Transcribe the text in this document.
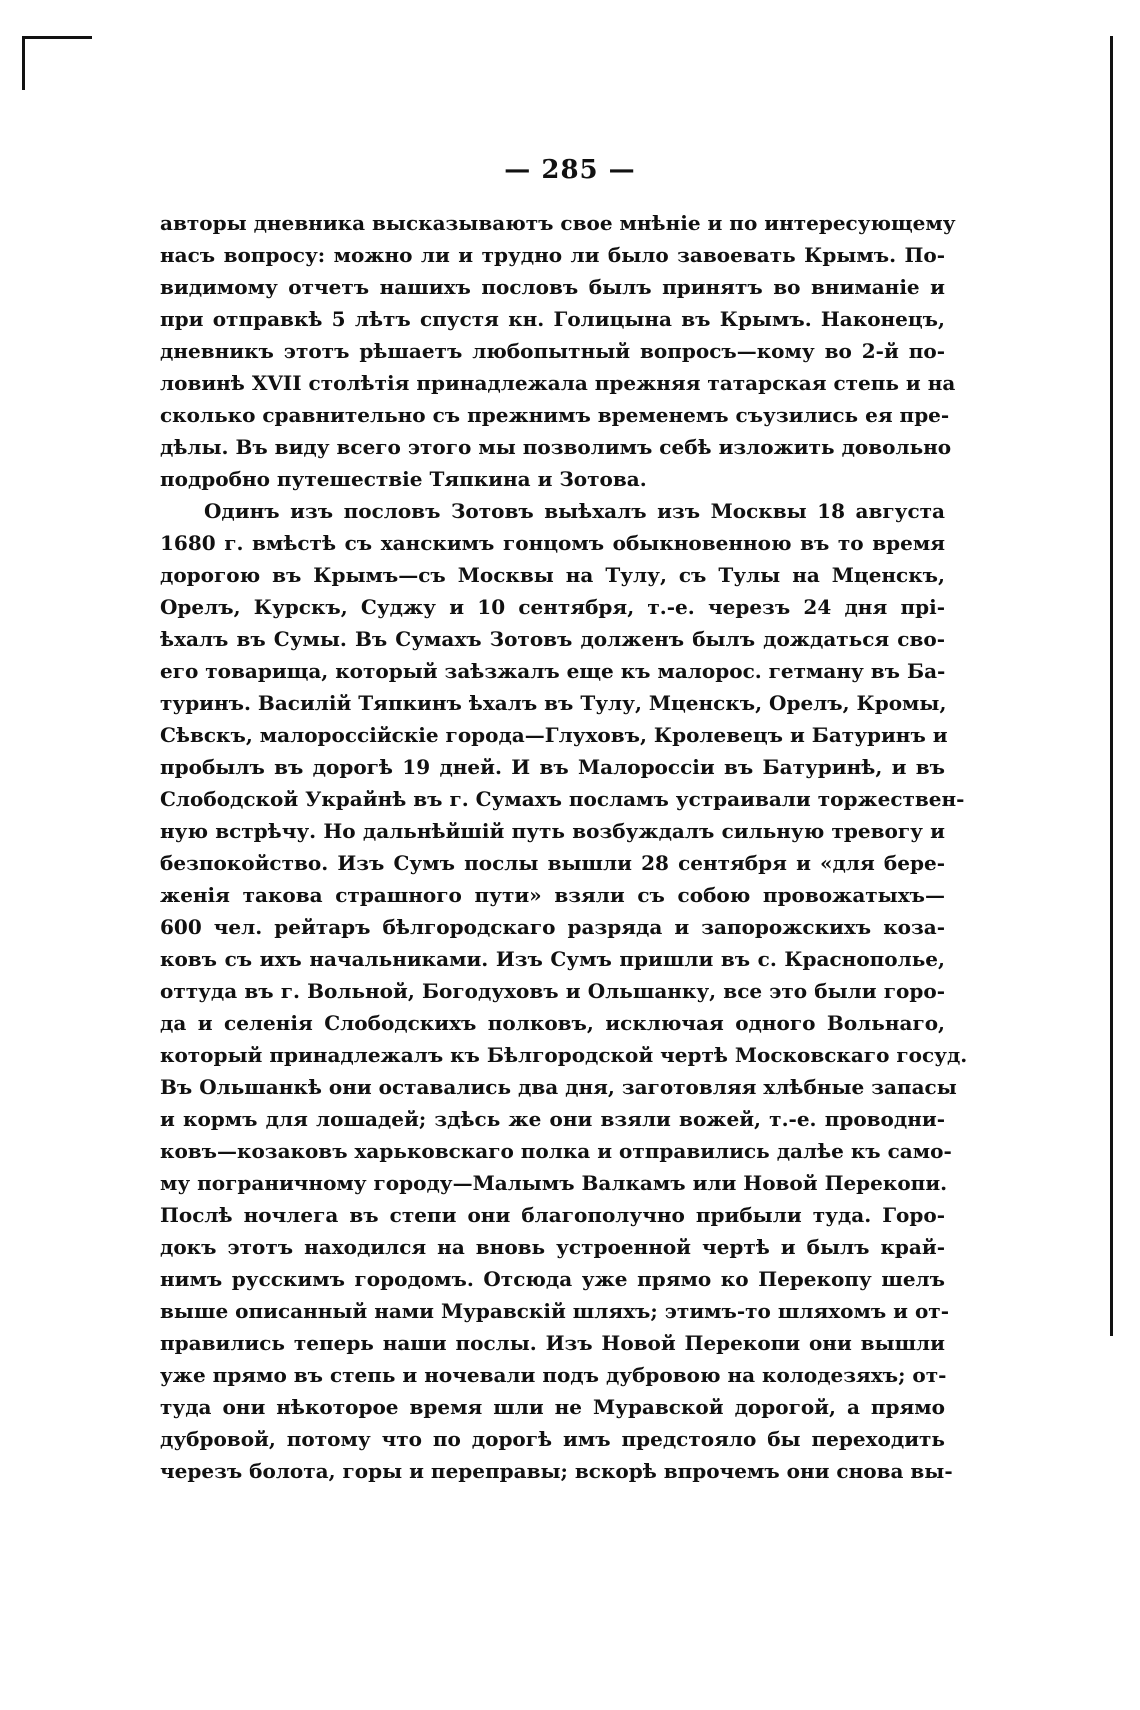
— 285 —
авторы дневника высказываютъ свое мнѣніе и по интересующему
насъ вопросу: можно ли и трудно ли было завоевать Крымъ. По-
видимому отчетъ нашихъ пословъ былъ принятъ во вниманіе и
при отправкѣ 5 лѣтъ спустя кн. Голицына въ Крымъ. Наконецъ,
дневникъ этотъ рѣшаетъ любопытный вопросъ—кому во 2-й по-
ловинѣ XVII столѣтія принадлежала прежняя татарская степь и на
сколько сравнительно съ прежнимъ временемъ съузились ея пре-
дѣлы. Въ виду всего этого мы позволимъ себѣ изложить довольно
подробно путешествіе Тяпкина и Зотова.
Одинъ изъ пословъ Зотовъ выѣхалъ изъ Москвы 18 августа
1680 г. вмѣстѣ съ ханскимъ гонцомъ обыкновенною въ то время
дорогою въ Крымъ—съ Москвы на Тулу, съ Тулы на Мценскъ,
Орелъ, Курскъ, Суджу и 10 сентября, т.-е. черезъ 24 дня прі-
ѣхалъ въ Сумы. Въ Сумахъ Зотовъ долженъ былъ дождаться сво-
его товарища, который заѣзжалъ еще къ малорос. гетману въ Ба-
туринъ. Василій Тяпкинъ ѣхалъ въ Тулу, Мценскъ, Орелъ, Кромы,
Сѣвскъ, малороссійскіе города—Глуховъ, Кролевецъ и Батуринъ и
пробылъ въ дорогѣ 19 дней. И въ Малороссіи въ Батуринѣ, и въ
Слободской Украйнѣ въ г. Сумахъ посламъ устраивали торжествен-
ную встрѣчу. Но дальнѣйшій путь возбуждалъ сильную тревогу и
безпокойство. Изъ Сумъ послы вышли 28 сентября и «для бере-
женія такова страшного пути» взяли съ собою провожатыхъ—
600 чел. рейтаръ бѣлгородскаго разряда и запорожскихъ коза-
ковъ съ ихъ начальниками. Изъ Сумъ пришли въ с. Краснополье,
оттуда въ г. Вольной, Богодуховъ и Ольшанку, все это были горо-
да и селенія Слободскихъ полковъ, исключая одного Вольнаго,
который принадлежалъ къ Бѣлгородской чертѣ Московскаго госуд.
Въ Ольшанкѣ они оставались два дня, заготовляя хлѣбные запасы
и кормъ для лошадей; здѣсь же они взяли вожей, т.-е. проводни-
ковъ—козаковъ харьковскаго полка и отправились далѣе къ само-
му пограничному городу—Малымъ Валкамъ или Новой Перекопи.
Послѣ ночлега въ степи они благополучно прибыли туда. Горо-
докъ этотъ находился на вновь устроенной чертѣ и былъ край-
нимъ русскимъ городомъ. Отсюда уже прямо ко Перекопу шелъ
выше описанный нами Муравскій шляхъ; этимъ-то шляхомъ и от-
правились теперь наши послы. Изъ Новой Перекопи они вышли
уже прямо въ степь и ночевали подъ дубровою на колодезяхъ; от-
туда они нѣкоторое время шли не Муравской дорогой, а прямо
дубровой, потому что по дорогѣ имъ предстояло бы переходить
черезъ болота, горы и переправы; вскорѣ впрочемъ они снова вы-
